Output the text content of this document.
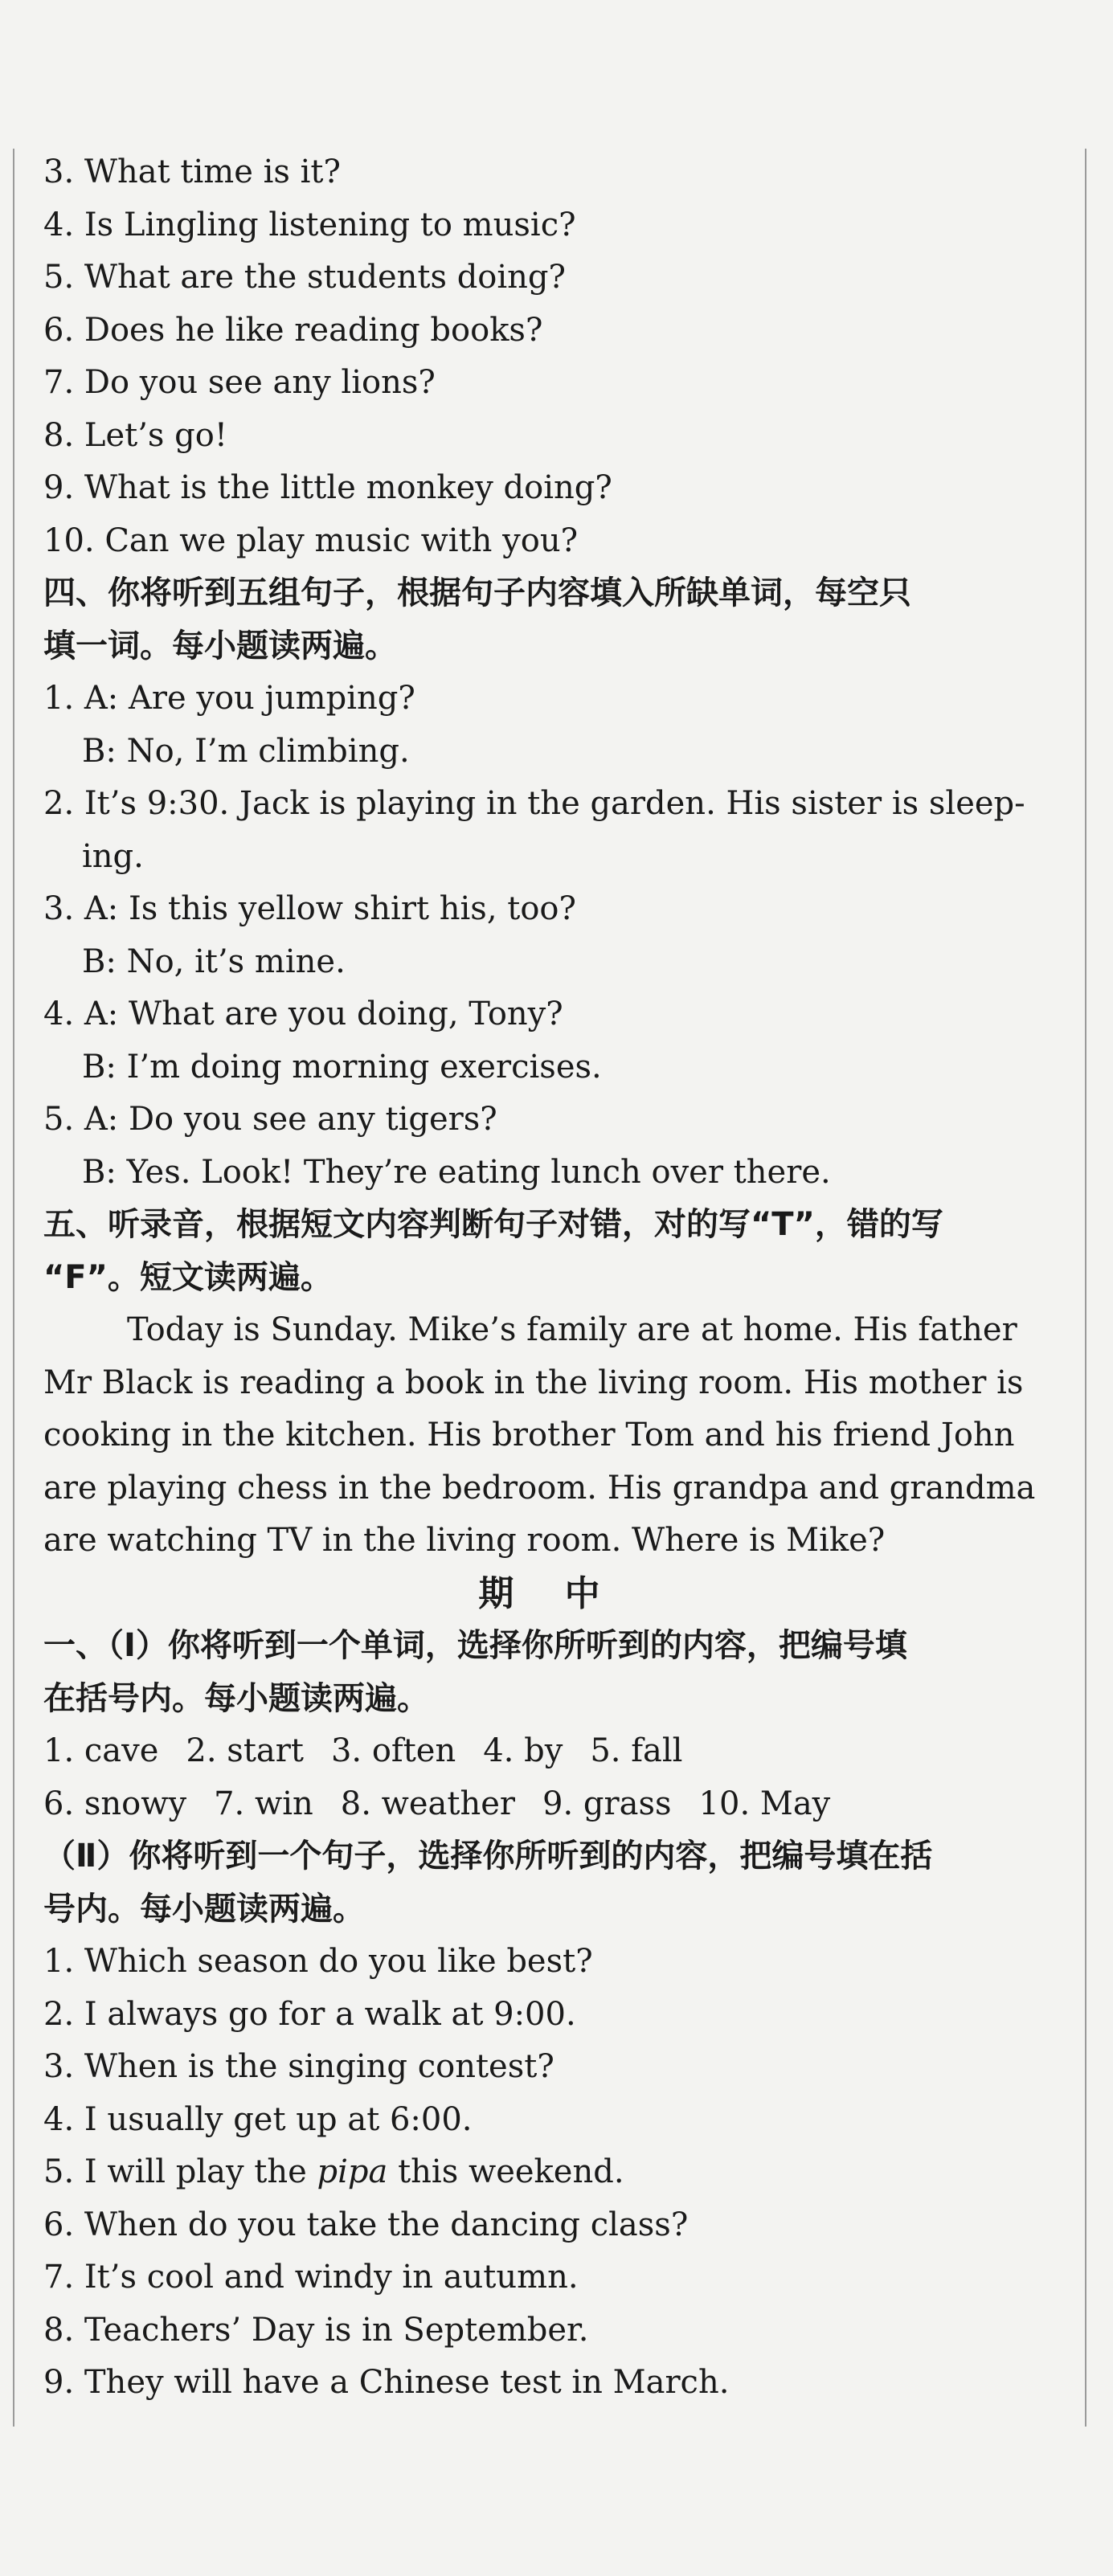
3. What time is it?
4. Is Lingling listening to music?
5. What are the students doing?
6. Does he like reading books?
7. Do you see any lions?
8. Let’s go!
9. What is the little monkey doing?
10. Can we play music with you?
四、你将听到五组句子，根据句子内容填入所缺单词，每空只
填一词。每小题读两遍。
1. A: Are you jumping?
B: No, I’m climbing.
2. It’s 9:30. Jack is playing in the garden. His sister is sleep-
ing.
3. A: Is this yellow shirt his, too?
B: No, it’s mine.
4. A: What are you doing, Tony?
B: I’m doing morning exercises.
5. A: Do you see any tigers?
B: Yes. Look! They’re eating lunch over there.
五、听录音，根据短文内容判断句子对错，对的写“T”，错的写
“F”。短文读两遍。
Today is Sunday. Mike’s family are at home. His father
Mr Black is reading a book in the living room. His mother is
cooking in the kitchen. His brother Tom and his friend John
are playing chess in the bedroom. His grandpa and grandma
are watching TV in the living room. Where is Mike?
期 中
一、（Ⅰ）你将听到一个单词，选择你所听到的内容，把编号填
在括号内。每小题读两遍。
1. cave 2. start 3. often 4. by 5. fall
6. snowy 7. win 8. weather 9. grass 10. May
（Ⅱ）你将听到一个句子，选择你所听到的内容，把编号填在括
号内。每小题读两遍。
1. Which season do you like best?
2. I always go for a walk at 9:00.
3. When is the singing contest?
4. I usually get up at 6:00.
5. I will play the pipa this weekend.
6. When do you take the dancing class?
7. It’s cool and windy in autumn.
8. Teachers’ Day is in September.
9. They will have a Chinese test in March.
